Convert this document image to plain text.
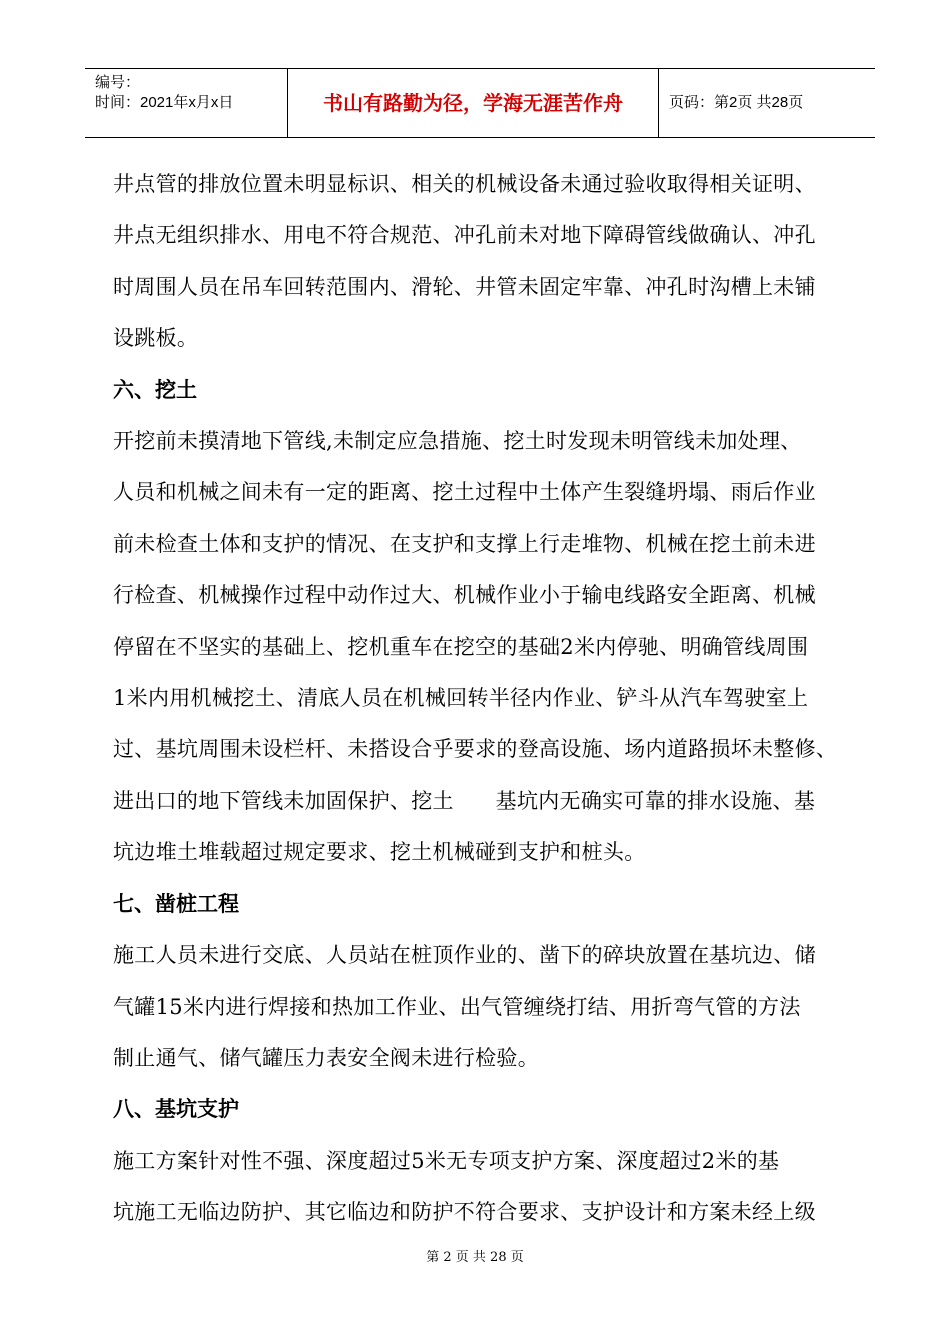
编号：
时间：2021年x月x日	书山有路勤为径，学海无涯苦作舟	页码：第2页 共28页

井点管的排放位置未明显标识、相关的机械设备未通过验收取得相关证明、

井点无组织排水、用电不符合规范、冲孔前未对地下障碍管线做确认、冲孔

时周围人员在吊车回转范围内、滑轮、井管未固定牢靠、冲孔时沟槽上未铺

设跳板。

六、挖土

开挖前未摸清地下管线,未制定应急措施、挖土时发现未明管线未加处理、

人员和机械之间未有一定的距离、挖土过程中土体产生裂缝坍塌、雨后作业

前未检查土体和支护的情况、在支护和支撑上行走堆物、机械在挖土前未进

行检查、机械操作过程中动作过大、机械作业小于输电线路安全距离、机械

停留在不坚实的基础上、挖机重车在挖空的基础2米内停驰、明确管线周围

1米内用机械挖土、清底人员在机械回转半径内作业、铲斗从汽车驾驶室上

过、基坑周围未设栏杆、未搭设合乎要求的登高设施、场内道路损坏未整修、

进出口的地下管线未加固保护、挖土      基坑内无确实可靠的排水设施、基

坑边堆土堆载超过规定要求、挖土机械碰到支护和桩头。

七、凿桩工程

施工人员未进行交底、人员站在桩顶作业的、凿下的碎块放置在基坑边、储

气罐15米内进行焊接和热加工作业、出气管缠绕打结、用折弯气管的方法

制止通气、储气罐压力表安全阀未进行检验。

八、基坑支护

施工方案针对性不强、深度超过5米无专项支护方案、深度超过2米的基

坑施工无临边防护、其它临边和防护不符合要求、支护设计和方案未经上级

第 2 页 共 28 页
